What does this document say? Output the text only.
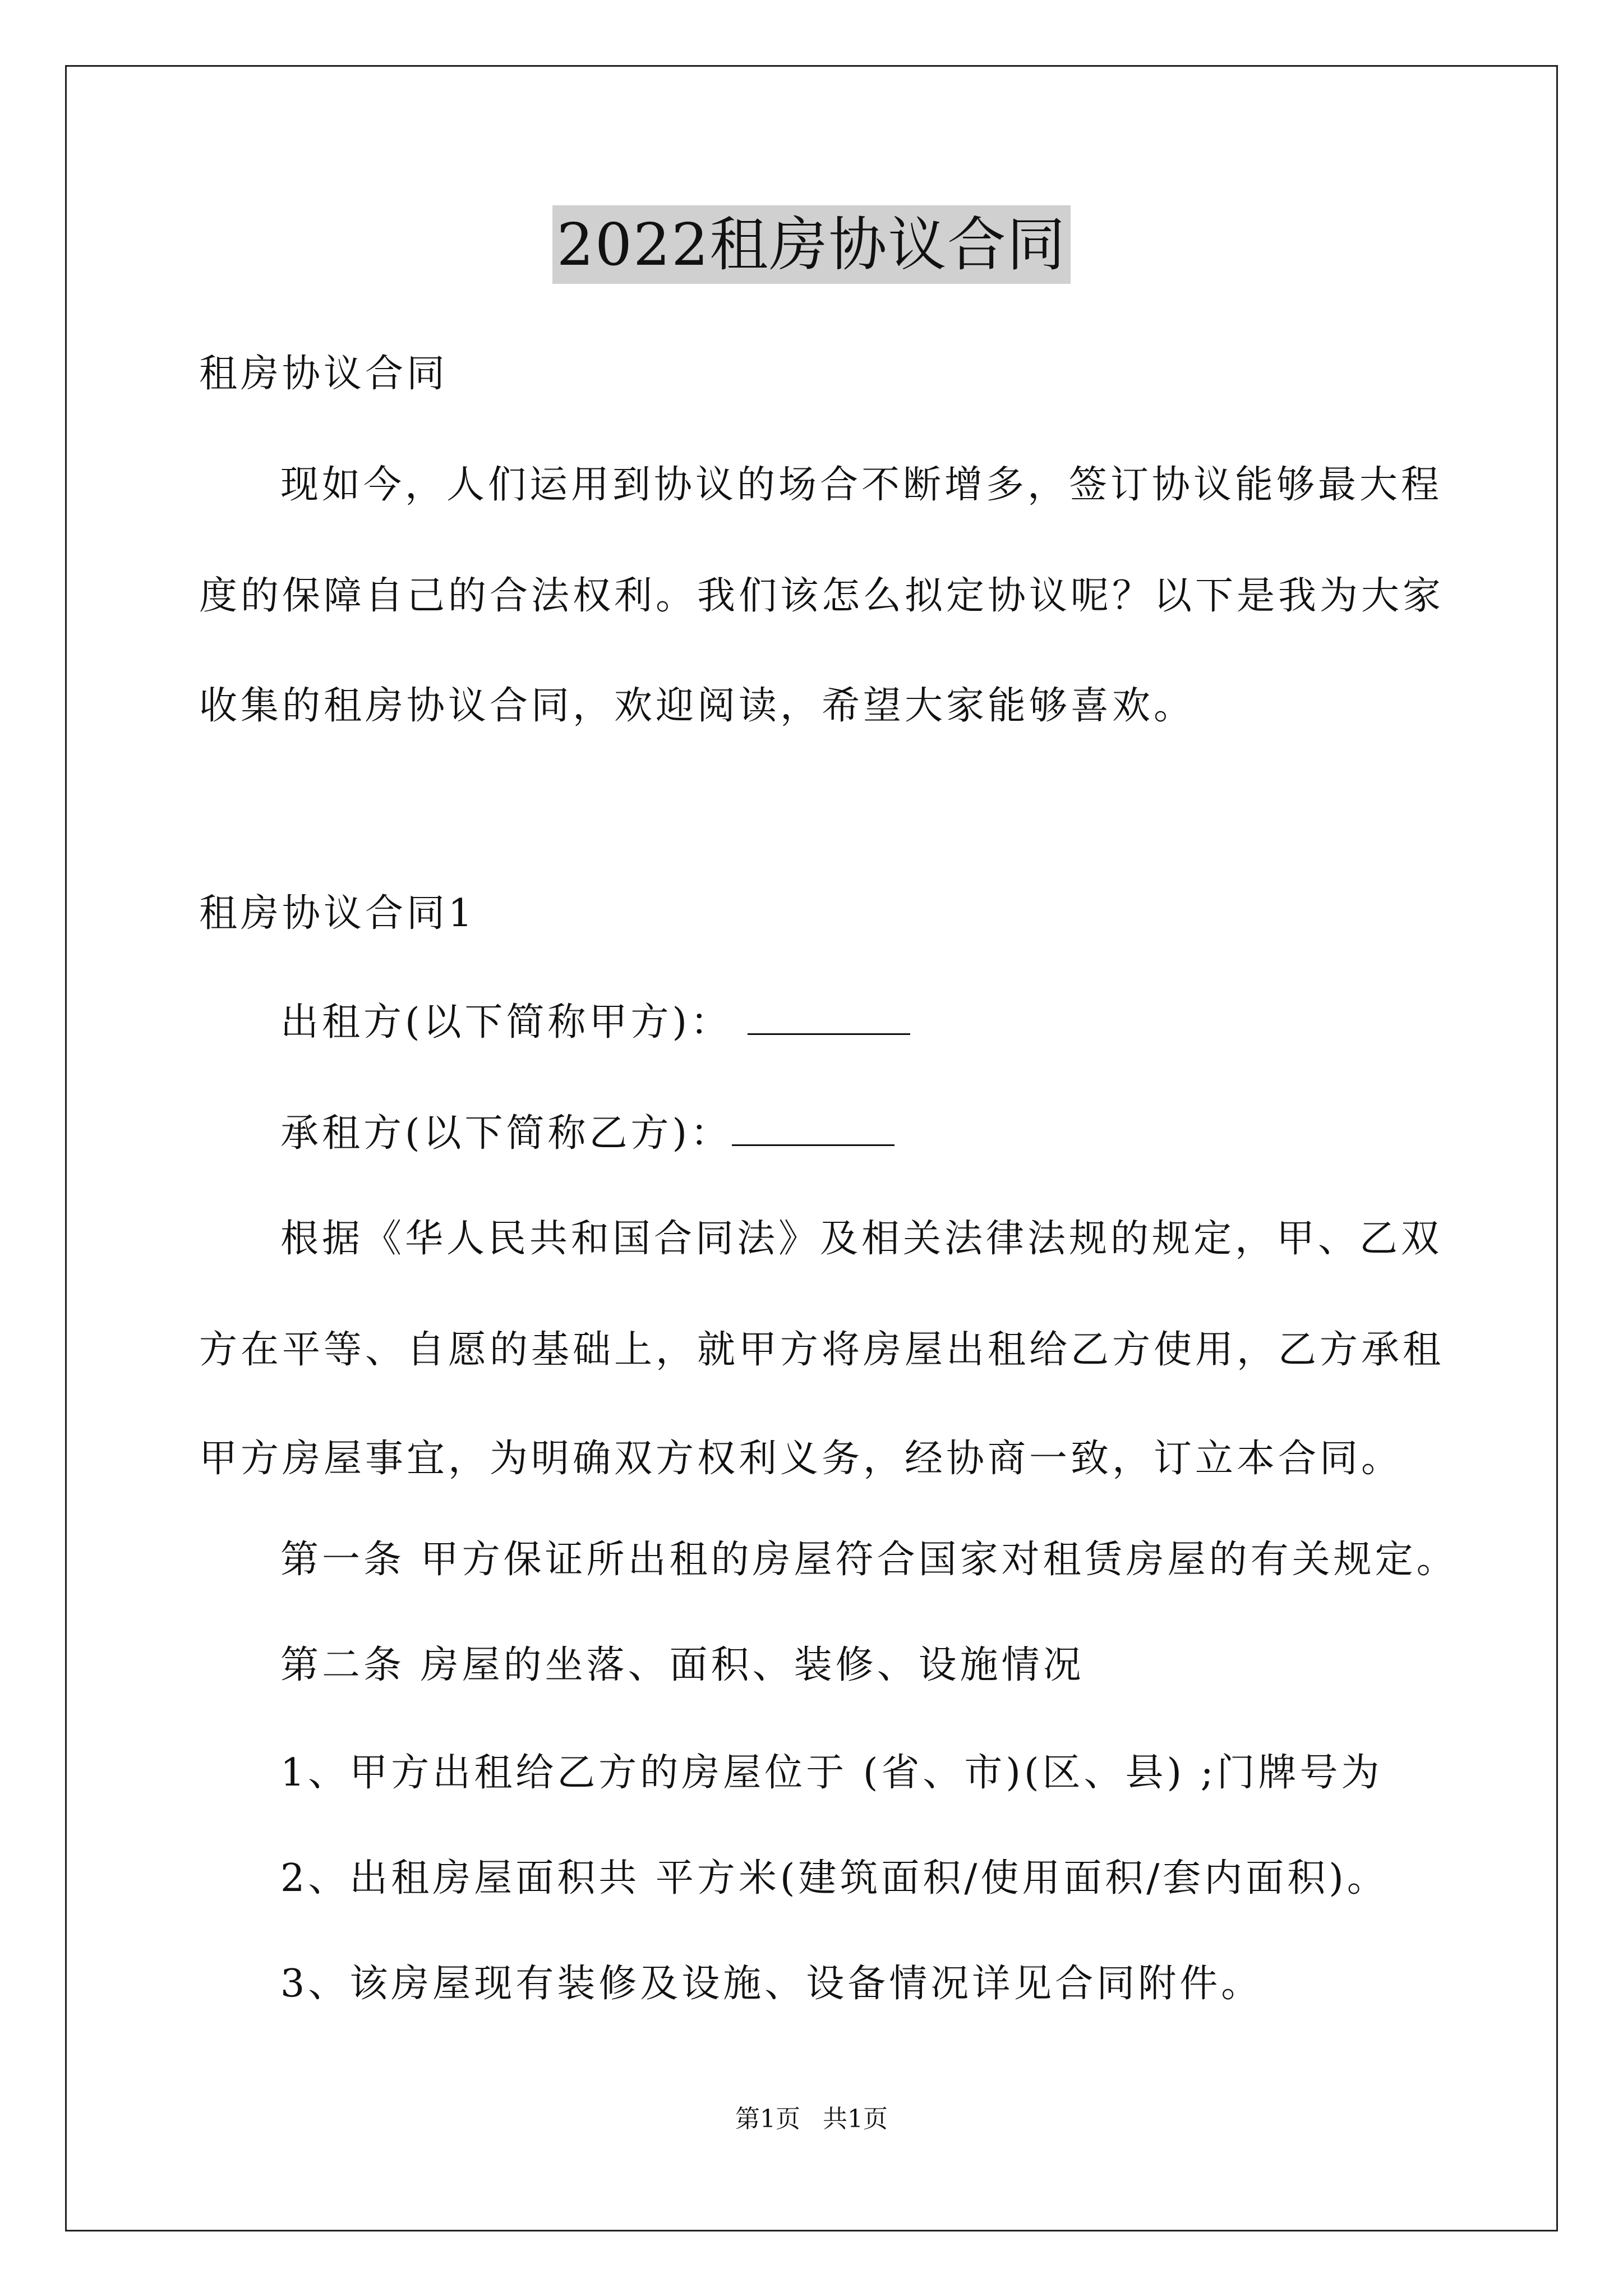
2022租房协议合同
租房协议合同
现如今，人们运用到协议的场合不断增多，签订协议能够最大程
度的保障自己的合法权利。我们该怎么拟定协议呢？以下是我为大家
收集的租房协议合同，欢迎阅读，希望大家能够喜欢。
租房协议合同1
出租方(以下简称甲方)：
承租方(以下简称乙方)：
根据《华人民共和国合同法》及相关法律法规的规定，甲、乙双
方在平等、自愿的基础上，就甲方将房屋出租给乙方使用，乙方承租
甲方房屋事宜，为明确双方权利义务，经协商一致，订立本合同。
第一条 甲方保证所出租的房屋符合国家对租赁房屋的有关规定。
第二条 房屋的坐落、面积、装修、设施情况
1、甲方出租给乙方的房屋位于 (省、市)(区、县) ;门牌号为
2、出租房屋面积共 平方米(建筑面积/使用面积/套内面积)。
3、该房屋现有装修及设施、设备情况详见合同附件。
第1页 共1页
